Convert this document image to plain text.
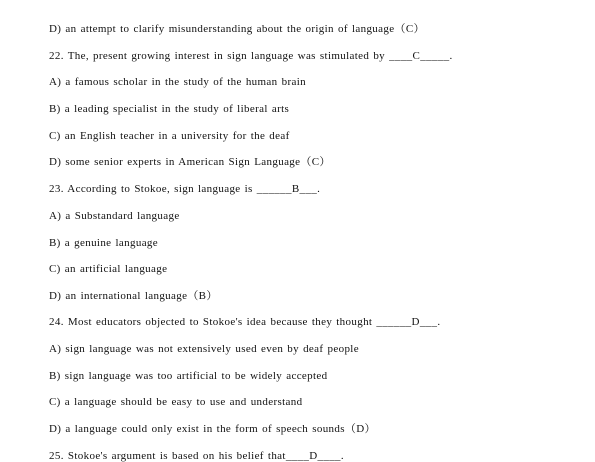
D) an attempt to clarify misunderstanding about the origin of language（C）
22. The, present growing interest in sign language was stimulated by ____C_____.
A) a famous scholar in the study of the human brain
B) a leading specialist in the study of liberal arts
C) an English teacher in a university for the deaf
D) some senior experts in American Sign Language（C）
23. According to Stokoe, sign language is ______B___.
A) a Substandard language
B) a genuine language
C) an artificial language
D) an international language（B）
24. Most educators objected to Stokoe's idea because they thought ______D___.
A) sign language was not extensively used even by deaf people
B) sign language was too artificial to be widely accepted
C) a language should be easy to use and understand
D) a language could only exist in the form of speech sounds（D）
25. Stokoe's argument is based on his belief that____D____.
